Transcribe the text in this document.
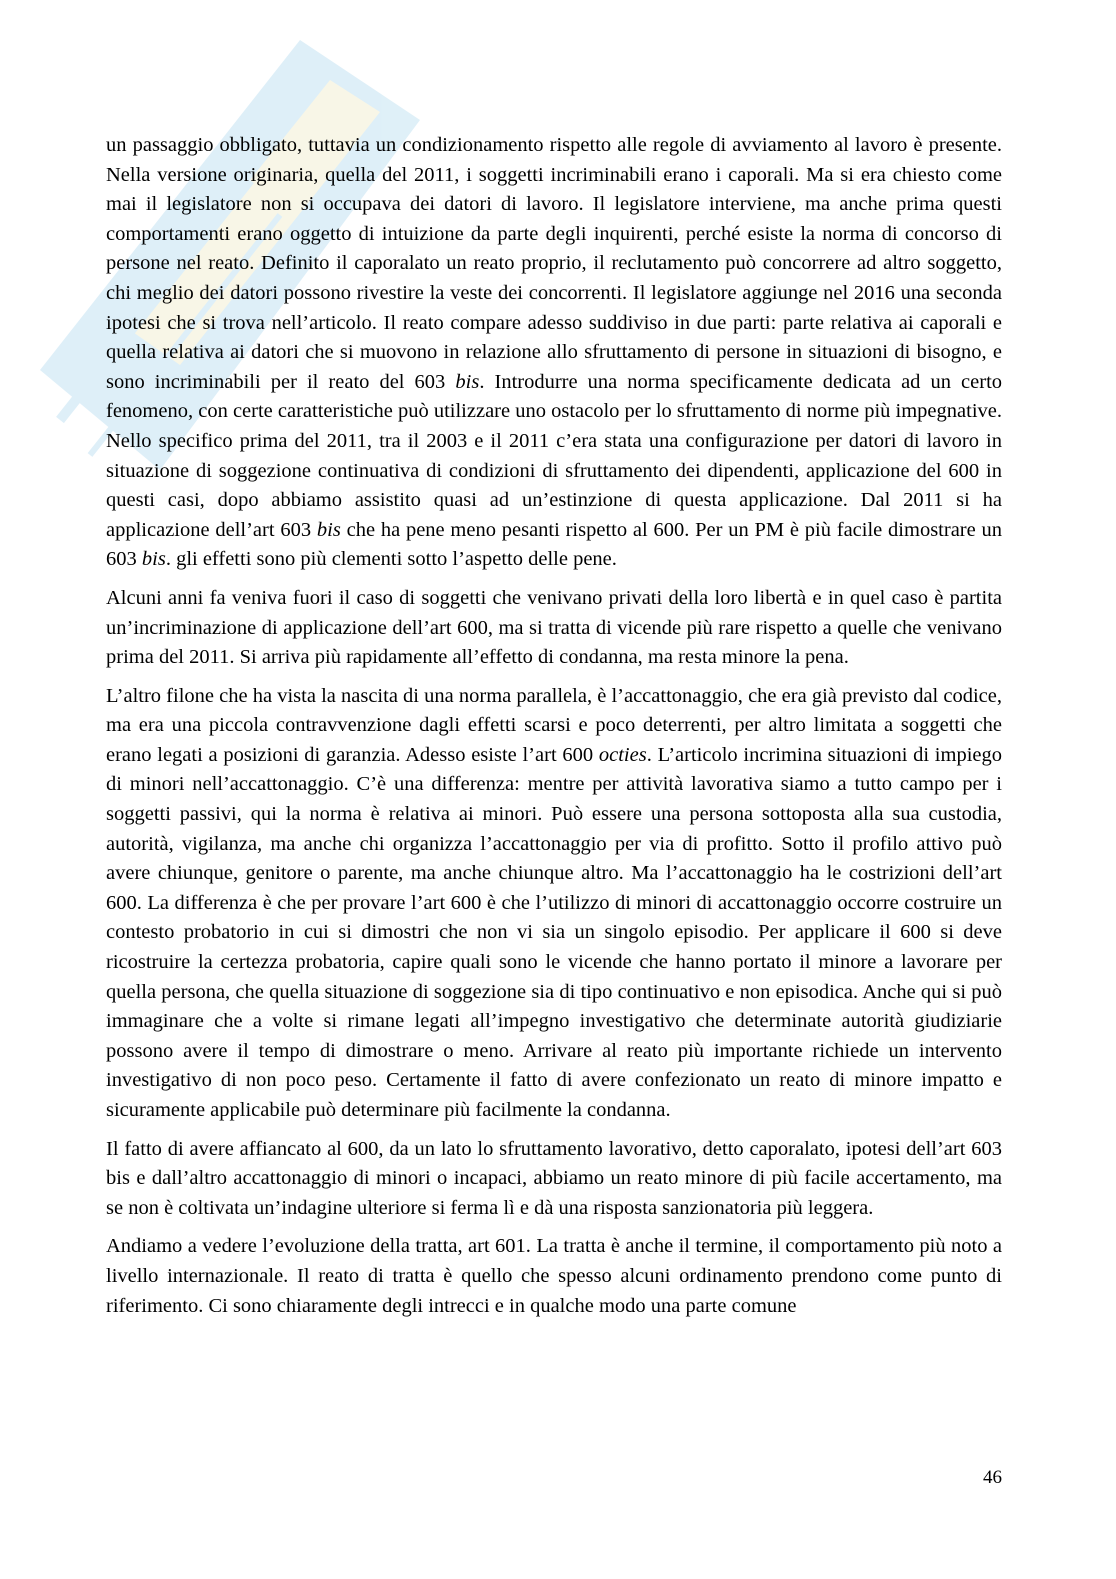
un passaggio obbligato, tuttavia un condizionamento rispetto alle regole di avviamento al lavoro è presente. Nella versione originaria, quella del 2011, i soggetti incriminabili erano i caporali. Ma si era chiesto come mai il legislatore non si occupava dei datori di lavoro. Il legislatore interviene, ma anche prima questi comportamenti erano oggetto di intuizione da parte degli inquirenti, perché esiste la norma di concorso di persone nel reato. Definito il caporalato un reato proprio, il reclutamento può concorrere ad altro soggetto, chi meglio dei datori possono rivestire la veste dei concorrenti. Il legislatore aggiunge nel 2016 una seconda ipotesi che si trova nell’articolo. Il reato compare adesso suddiviso in due parti: parte relativa ai caporali e quella relativa ai datori che si muovono in relazione allo sfruttamento di persone in situazioni di bisogno, e sono incriminabili per il reato del 603 bis. Introdurre una norma specificamente dedicata ad un certo fenomeno, con certe caratteristiche può utilizzare uno ostacolo per lo sfruttamento di norme più impegnative. Nello specifico prima del 2011, tra il 2003 e il 2011 c’era stata una configurazione per datori di lavoro in situazione di soggezione continuativa di condizioni di sfruttamento dei dipendenti, applicazione del 600 in questi casi, dopo abbiamo assistito quasi ad un’estinzione di questa applicazione. Dal 2011 si ha applicazione dell’art 603 bis che ha pene meno pesanti rispetto al 600. Per un PM è più facile dimostrare un 603 bis. gli effetti sono più clementi sotto l’aspetto delle pene.

Alcuni anni fa veniva fuori il caso di soggetti che venivano privati della loro libertà e in quel caso è partita un’incriminazione di applicazione dell’art 600, ma si tratta di vicende più rare rispetto a quelle che venivano prima del 2011. Si arriva più rapidamente all’effetto di condanna, ma resta minore la pena.

L’altro filone che ha vista la nascita di una norma parallela, è l’accattonaggio, che era già previsto dal codice, ma era una piccola contravvenzione dagli effetti scarsi e poco deterrenti, per altro limitata a soggetti che erano legati a posizioni di garanzia. Adesso esiste l’art 600 octies. L’articolo incrimina situazioni di impiego di minori nell’accattonaggio. C’è una differenza: mentre per attività lavorativa siamo a tutto campo per i soggetti passivi, qui la norma è relativa ai minori. Può essere una persona sottoposta alla sua custodia, autorità, vigilanza, ma anche chi organizza l’accattonaggio per via di profitto. Sotto il profilo attivo può avere chiunque, genitore o parente, ma anche chiunque altro. Ma l’accattonaggio ha le costrizioni dell’art 600. La differenza è che per provare l’art 600 è che l’utilizzo di minori di accattonaggio occorre costruire un contesto probatorio in cui si dimostri che non vi sia un singolo episodio. Per applicare il 600 si deve ricostruire la certezza probatoria, capire quali sono le vicende che hanno portato il minore a lavorare per quella persona, che quella situazione di soggezione sia di tipo continuativo e non episodica. Anche qui si può immaginare che a volte si rimane legati all’impegno investigativo che determinate autorità giudiziarie possono avere il tempo di dimostrare o meno. Arrivare al reato più importante richiede un intervento investigativo di non poco peso. Certamente il fatto di avere confezionato un reato di minore impatto e sicuramente applicabile può determinare più facilmente la condanna.

Il fatto di avere affiancato al 600, da un lato lo sfruttamento lavorativo, detto caporalato, ipotesi dell’art 603 bis e dall’altro accattonaggio di minori o incapaci, abbiamo un reato minore di più facile accertamento, ma se non è coltivata un’indagine ulteriore si ferma lì e dà una risposta sanzionatoria più leggera.

Andiamo a vedere l’evoluzione della tratta, art 601. La tratta è anche il termine, il comportamento più noto a livello internazionale. Il reato di tratta è quello che spesso alcuni ordinamento prendono come punto di riferimento. Ci sono chiaramente degli intrecci e in qualche modo una parte comune

46
